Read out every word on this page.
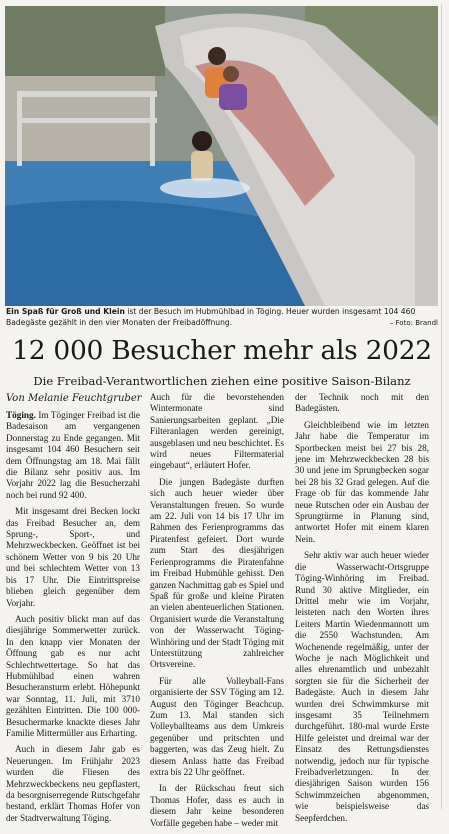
Ein Spaß für Groß und Klein ist der Besuch im Hubmühlbad in Töging. Heuer wurden insgesamt 104 460 Badegäste gezählt in den vier Monaten der Freibadöffnung.	– Foto: Brandl
12 000 Besucher mehr als 2022
Die Freibad-Verantwortlichen ziehen eine positive Saison-Bilanz
Von Melanie Feuchtgruber

Töging. Im Töginger Freibad ist die Badesaison am vergangenen Donnerstag zu Ende gegangen. Mit insgesamt 104 460 Besuchern seit dem Öffnungstag am 18. Mai fällt die Bilanz sehr positiv aus. Im Vorjahr 2022 lag die Besucherzahl noch bei rund 92 400.

Mit insgesamt drei Becken lockt das Freibad Besucher an, dem Sprung-, Sport-, und Mehrzweckbecken. Geöffnet ist bei schönem Wetter von 9 bis 20 Uhr und bei schlechtem Wetter von 13 bis 17 Uhr. Die Eintrittspreise blieben gleich gegenüber dem Vorjahr.

Auch positiv blickt man auf das diesjährige Sommerwetter zurück. In den knapp vier Monaten der Öffnung gab es nur acht Schlechtwettertage. So hat das Hubmühlbad einen wahren Besucheransturm erlebt. Höhepunkt war Sonntag, 11. Juli, mit 3710 gezählten Eintritten. Die 100 000-Besuchermarke knackte dieses Jahr Familie Mittermüller aus Erharting.

Auch in diesem Jahr gab es Neuerungen. Im Frühjahr 2023 wurden die Fliesen des Mehrzweckbeckens neu gepflastert, da besorgniserregende Rutschgefahr bestand, erklärt Thomas Hofer von der Stadtverwaltung Töging.

Auch für die bevorstehenden Wintermonate sind Sanierungsarbeiten geplant. „Die Filteranlagen werden gereinigt, ausgeblasen und neu beschichtet. Es wird neues Filtermaterial eingebaut“, erläutert Hofer.

Die jungen Badegäste durften sich auch heuer wieder über Veranstaltungen freuen. So wurde am 22. Juli von 14 bis 17 Uhr im Rahmen des Ferienprogramms das Piratenfest gefeiert. Dort wurde zum Start des diesjährigen Ferienprogramms die Piratenfahne im Freibad Hubmühle gehisst. Den ganzen Nachmittag gab es Spiel und Spaß für große und kleine Piraten an vielen abenteuerlichen Stationen. Organisiert wurde die Veranstaltung von der Wasserwacht Töging-Winhöring und der Stadt Töging mit Unterstützung zahlreicher Ortsvereine.

Für alle Volleyball-Fans organisierte der SSV Töging am 12. August den Töginger Beachcup. Zum 13. Mal standen sich Volleyballteams aus dem Umkreis gegenüber und pritschten und baggerten, was das Zeug hielt. Zu diesem Anlass hatte das Freibad extra bis 22 Uhr geöffnet.

In der Rückschau freut sich Thomas Hofer, dass es auch in diesem Jahr keine besonderen Vorfälle gegeben habe – weder mit

der Technik noch mit den Badegästen.

Gleichbleibend wie im letzten Jahr habe die Temperatur im Sportbecken meist bei 27 bis 28, jene im Mehrzweckbecken 28 bis 30 und jene im Sprungbecken sogar bei 28 bis 32 Grad gelegen. Auf die Frage ob für das kommende Jahr neue Rutschen oder ein Ausbau der Sprungtürme in Planung sind, antwortet Hofer mit einem klaren Nein.

Sehr aktiv war auch heuer wieder die Wasserwacht-Ortsgruppe Töging-Winhöring im Freibad. Rund 30 aktive Mitglieder, ein Drittel mehr wie im Vorjahr, leisteten nach den Worten ihres Leiters Martin Wiedenmannott um die 2550 Wachstunden. Am Wochenende regelmäßig, unter der Woche je nach Möglichkeit und alles ehrenamtlich und unbezahlt sorgten sie für die Sicherheit der Badegäste. Auch in diesem Jahr wurden drei Schwimmkurse mit insgesamt 35 Teilnehmern durchgeführt. 180-mal wurde Erste Hilfe geleistet und dreimal war der Einsatz des Rettungsdienstes notwendig, jedoch nur für typische Freibadverletzungen. In der diesjährigen Saison wurden 156 Schwimmzeichen abgenommen, wie beispielsweise das Seepferdchen.
